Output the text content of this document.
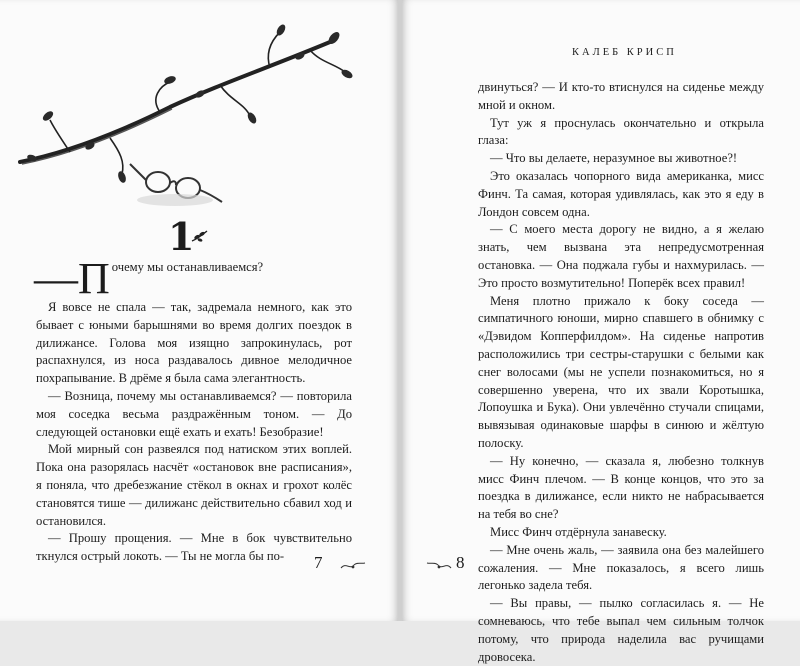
1

—П очему мы останавливаемся?

Я вовсе не спала — так, задремала немного, как это бывает с юными барышнями во время долгих поездок в дилижансе. Голова моя изящно запрокинулась, рот распахнулся, из носа раздавалось дивное мелодичное похрапывание. В дрёме я была сама элегантность.

— Возница, почему мы останавливаемся? — повторила моя соседка весьма раздражённым тоном. — До следующей остановки ещё ехать и ехать! Безобразие!

Мой мирный сон развеялся под натиском этих воплей. Пока она разорялась насчёт «остановок вне расписания», я поняла, что дребезжание стёкол в окнах и грохот колёс становятся тише — дилижанс действительно сбавил ход и остановился.

— Прошу прощения. — Мне в бок чувствительно ткнулся острый локоть. — Ты не могла бы по-	7
КАЛЕБ КРИСП

двинуться? — И кто-то втиснулся на сиденье между мной и окном.

Тут уж я проснулась окончательно и открыла глаза:

— Что вы делаете, неразумное вы животное?!

Это оказалась чопорного вида американка, мисс Финч. Та самая, которая удивлялась, как это я еду в Лондон совсем одна.

— С моего места дорогу не видно, а я желаю знать, чем вызвана эта непредусмотренная остановка. — Она поджала губы и нахмурилась. — Это просто возмутительно! Поперёк всех правил!

Меня плотно прижало к боку соседа — симпатичного юноши, мирно спавшего в обнимку с «Дэвидом Копперфилдом». На сиденье напротив расположились три сестры-старушки с белыми как снег волосами (мы не успели познакомиться, но я совершенно уверена, что их звали Коротышка, Лопоушка и Бука). Они увлечённо стучали спицами, вывязывая одинаковые шарфы в синюю и жёлтую полоску.

— Ну конечно, — сказала я, любезно толкнув мисс Финч плечом. — В конце концов, что это за поездка в дилижансе, если никто не набрасывается на тебя во сне?

Мисс Финч отдёрнула занавеску.

— Мне очень жаль, — заявила она без малейшего сожаления. — Мне показалось, я всего лишь легонько задела тебя.

— Вы правы, — пылко согласилась я. — Не сомневаюсь, что тебе выпал чем сильным толчок потому, что природа наделила вас ручищами дровосека.

8
